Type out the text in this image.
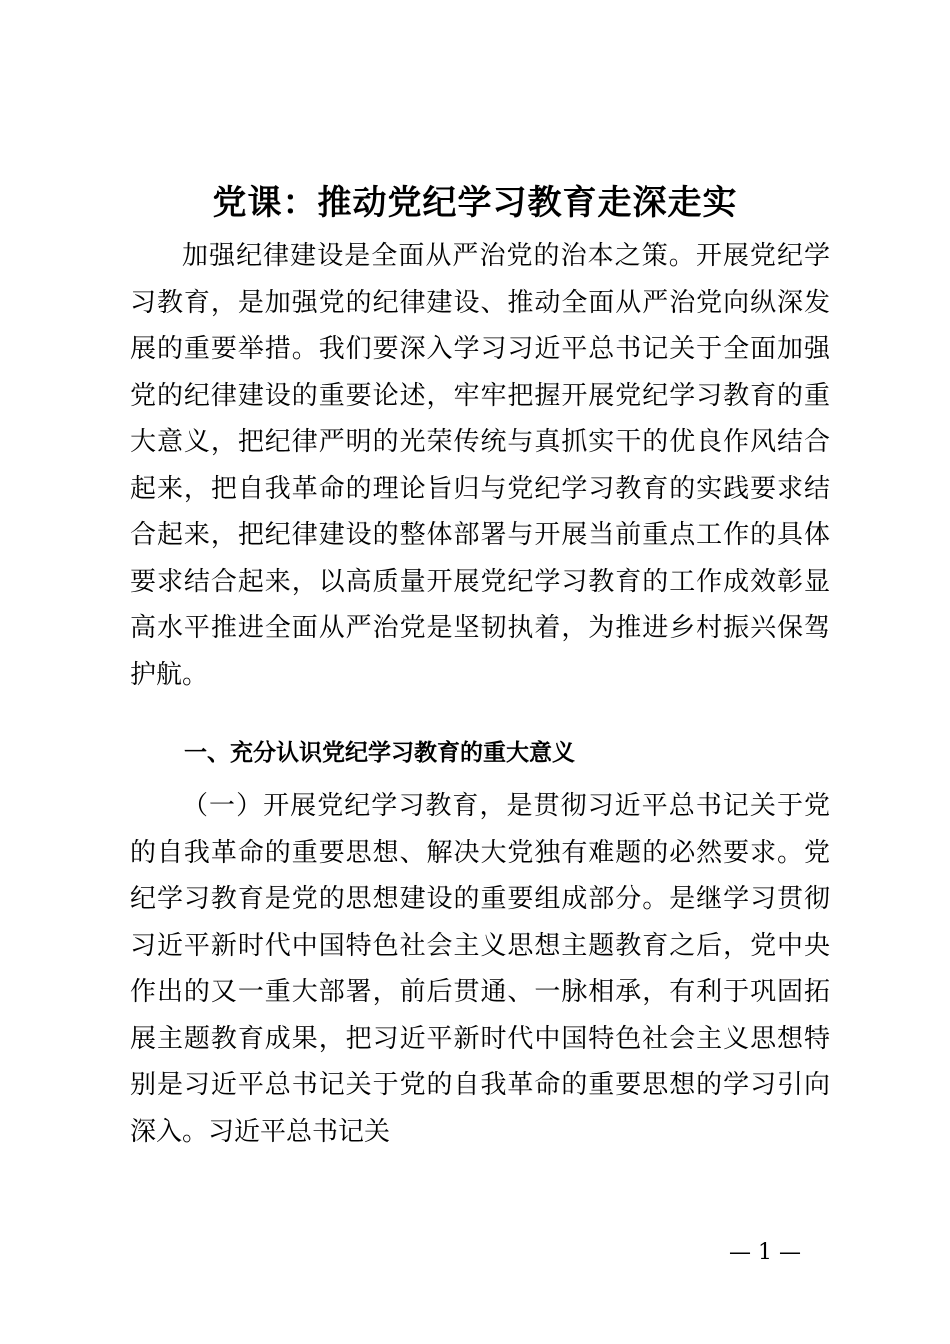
党课：推动党纪学习教育走深走实
加强纪律建设是全面从严治党的治本之策。开展党纪学习教育，是加强党的纪律建设、推动全面从严治党向纵深发展的重要举措。我们要深入学习习近平总书记关于全面加强党的纪律建设的重要论述，牢牢把握开展党纪学习教育的重大意义，把纪律严明的光荣传统与真抓实干的优良作风结合起来，把自我革命的理论旨归与党纪学习教育的实践要求结合起来，把纪律建设的整体部署与开展当前重点工作的具体要求结合起来，以高质量开展党纪学习教育的工作成效彰显高水平推进全面从严治党是坚韧执着，为推进乡村振兴保驾护航。
一、充分认识党纪学习教育的重大意义
（一）开展党纪学习教育，是贯彻习近平总书记关于党的自我革命的重要思想、解决大党独有难题的必然要求。党纪学习教育是党的思想建设的重要组成部分。是继学习贯彻习近平新时代中国特色社会主义思想主题教育之后，党中央作出的又一重大部署，前后贯通、一脉相承，有利于巩固拓展主题教育成果，把习近平新时代中国特色社会主义思想特别是习近平总书记关于党的自我革命的重要思想的学习引向深入。习近平总书记关
— 1 —
